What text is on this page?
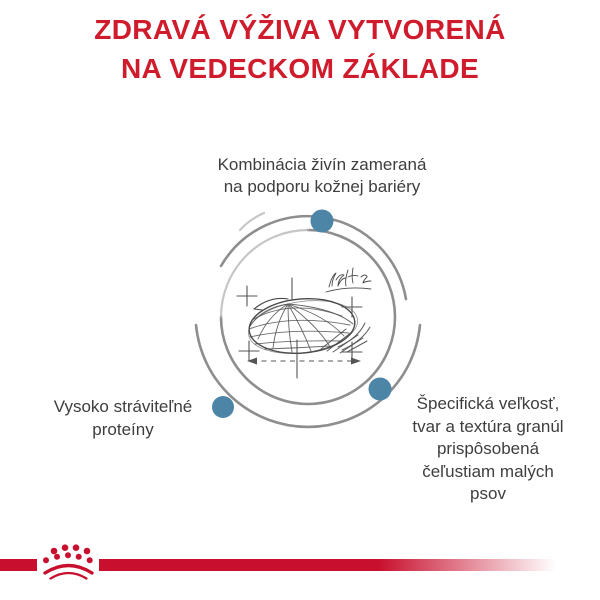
ZDRAVÁ VÝŽIVA VYTVORENÁ
NA VEDECKOM ZÁKLADE
Kombinácia živín zameraná
na podporu kožnej bariéry
Vysoko stráviteľné
proteíny
Špecifická veľkosť,
tvar a textúra granúl
prispôsobená
čeľustiam malých
psov
